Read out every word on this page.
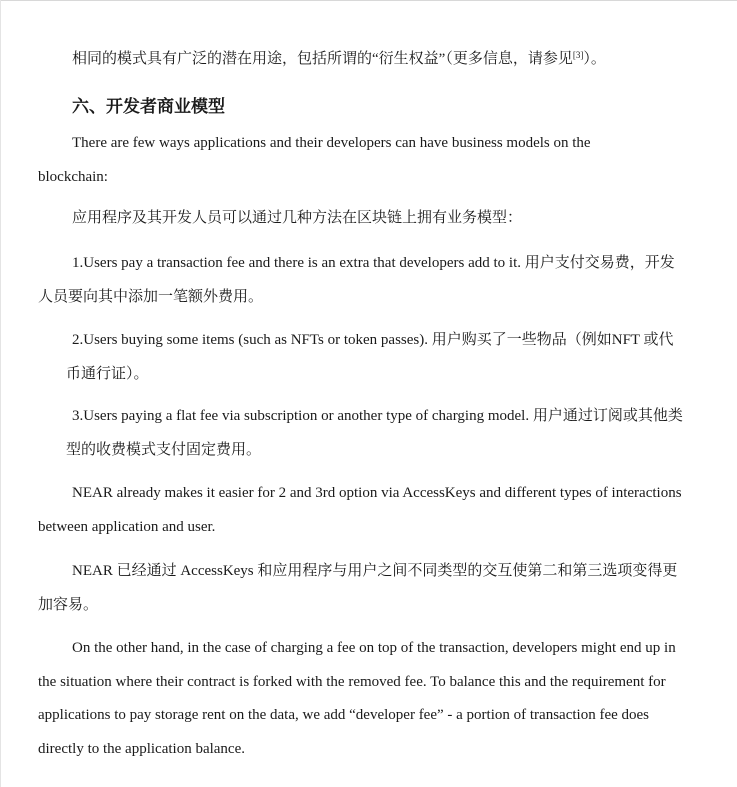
相同的模式具有广泛的潜在用途，包括所谓的“衍生权益”（更多信息，请参见[3]）。

六、开发者商业模型

There are few ways applications and their developers can have business models on the blockchain:

应用程序及其开发人员可以通过几种方法在区块链上拥有业务模型：

1.Users pay a transaction fee and there is an extra that developers add to it. 用户支付交易费，开发人员要向其中添加一笔额外费用。

2.Users buying some items (such as NFTs or token passes). 用户购买了一些物品（例如NFT 或代币通行证）。

3.Users paying a flat fee via subscription or another type of charging model. 用户通过订阅或其他类型的收费模式支付固定费用。

NEAR already makes it easier for 2 and 3rd option via AccessKeys and different types of interactions between application and user.

NEAR 已经通过 AccessKeys 和应用程序与用户之间不同类型的交互使第二和第三选项变得更加容易。

On the other hand, in the case of charging a fee on top of the transaction, developers might end up in the situation where their contract is forked with the removed fee. To balance this and the requirement for applications to pay storage rent on the data, we add “developer fee” - a portion of transaction fee does directly to the application balance.
